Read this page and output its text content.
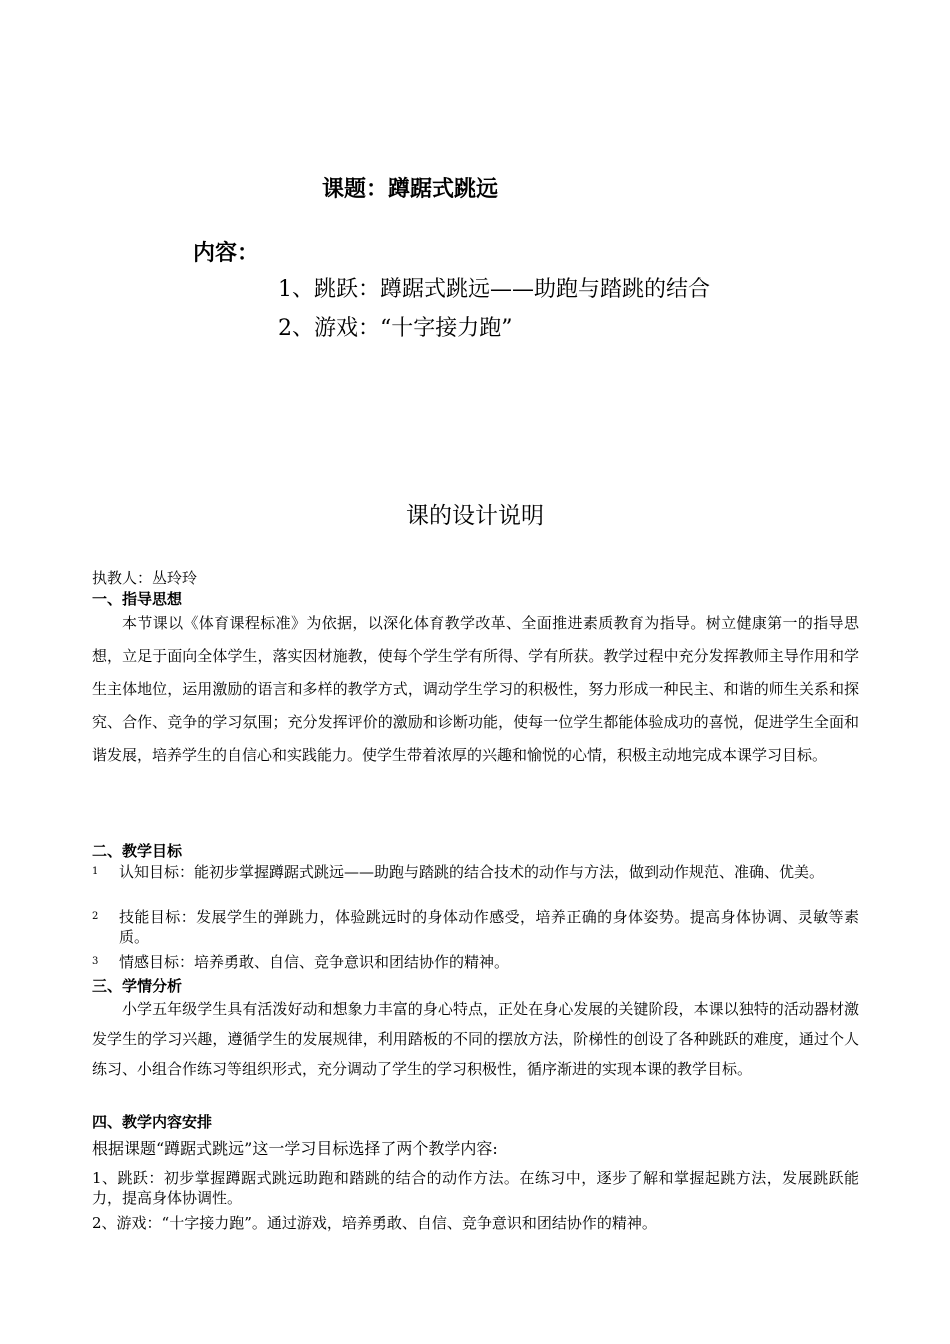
课题：蹲踞式跳远
内容：
1、跳跃：蹲踞式跳远——助跑与踏跳的结合
2、游戏：“十字接力跑”
课的设计说明
执教人：丛玲玲
一、指导思想
本节课以《体育课程标准》为依据，以深化体育教学改革、全面推进素质教育为指导。树立健康第一的指导思想，立足于面向全体学生，落实因材施教，使每个学生学有所得、学有所获。教学过程中充分发挥教师主导作用和学生主体地位，运用激励的语言和多样的教学方式，调动学生学习的积极性，努力形成一种民主、和谐的师生关系和探究、合作、竞争的学习氛围；充分发挥评价的激励和诊断功能，使每一位学生都能体验成功的喜悦，促进学生全面和谐发展，培养学生的自信心和实践能力。使学生带着浓厚的兴趣和愉悦的心情，积极主动地完成本课学习目标。
二、教学目标
1 认知目标：能初步掌握蹲踞式跳远——助跑与踏跳的结合技术的动作与方法，做到动作规范、准确、优美。
2 技能目标：发展学生的弹跳力，体验跳远时的身体动作感受，培养正确的身体姿势。提高身体协调、灵敏等素质。
3 情感目标：培养勇敢、自信、竞争意识和团结协作的精神。
三、学情分析
小学五年级学生具有活泼好动和想象力丰富的身心特点，正处在身心发展的关键阶段，本课以独特的活动器材激发学生的学习兴趣，遵循学生的发展规律，利用踏板的不同的摆放方法，阶梯性的创设了各种跳跃的难度，通过个人练习、小组合作练习等组织形式，充分调动了学生的学习积极性，循序渐进的实现本课的教学目标。
四、教学内容安排
根据课题“蹲踞式跳远”这一学习目标选择了两个教学内容:
1、跳跃：初步掌握蹲踞式跳远助跑和踏跳的结合的动作方法。在练习中，逐步了解和掌握起跳方法，发展跳跃能力，提高身体协调性。
2、游戏：“十字接力跑”。通过游戏，培养勇敢、自信、竞争意识和团结协作的精神。
